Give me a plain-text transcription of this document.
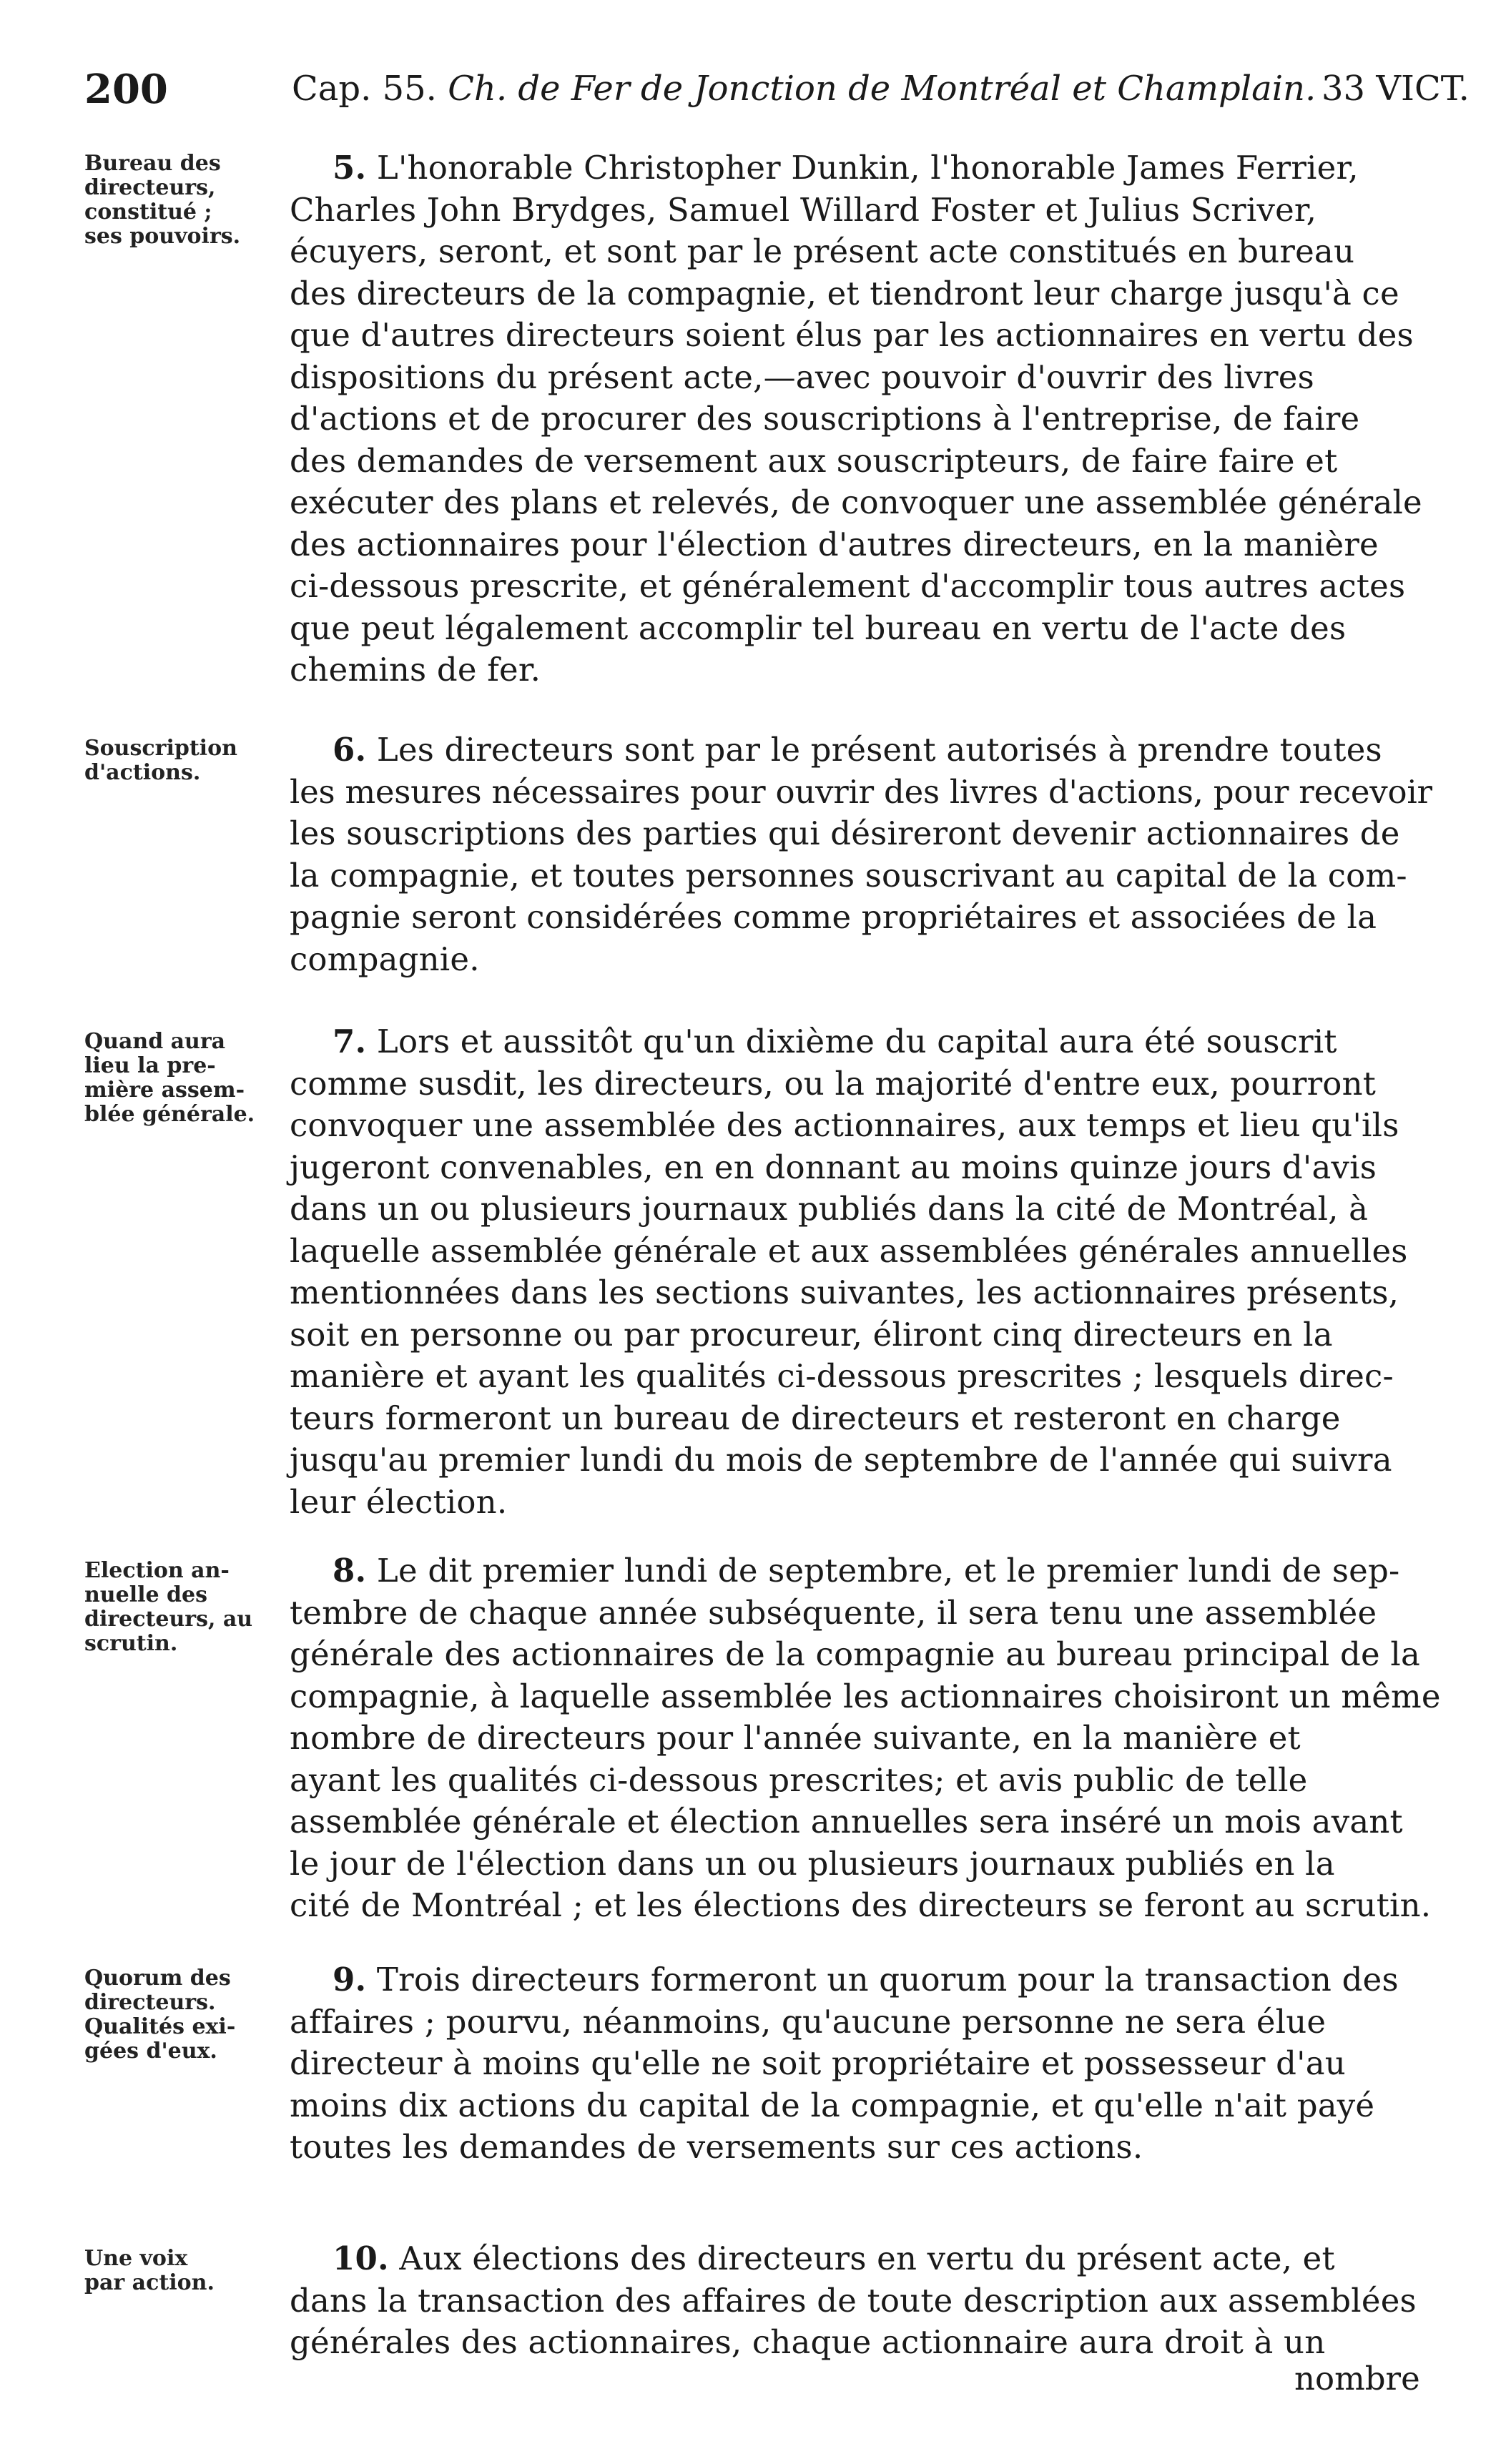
200	Cap. 55. Ch. de Fer de Jonction de Montréal et Champlain. 33 VICT.
Bureau des
directeurs,
constitué ;
ses pouvoirs.
5. L'honorable Christopher Dunkin, l'honorable James Ferrier,
Charles John Brydges, Samuel Willard Foster et Julius Scriver,
écuyers, seront, et sont par le présent acte constitués en bureau
des directeurs de la compagnie, et tiendront leur charge jusqu'à ce
que d'autres directeurs soient élus par les actionnaires en vertu des
dispositions du présent acte,—avec pouvoir d'ouvrir des livres
d'actions et de procurer des souscriptions à l'entreprise, de faire
des demandes de versement aux souscripteurs, de faire faire et
exécuter des plans et relevés, de convoquer une assemblée générale
des actionnaires pour l'élection d'autres directeurs, en la manière
ci-dessous prescrite, et généralement d'accomplir tous autres actes
que peut légalement accomplir tel bureau en vertu de l'acte des
chemins de fer.
Souscription
d'actions.
6. Les directeurs sont par le présent autorisés à prendre toutes
les mesures nécessaires pour ouvrir des livres d'actions, pour recevoir
les souscriptions des parties qui désireront devenir actionnaires de
la compagnie, et toutes personnes souscrivant au capital de la com-
pagnie seront considérées comme propriétaires et associées de la
compagnie.
Quand aura
lieu la pre-
mière assem-
blée générale.
7. Lors et aussitôt qu'un dixième du capital aura été souscrit
comme susdit, les directeurs, ou la majorité d'entre eux, pourront
convoquer une assemblée des actionnaires, aux temps et lieu qu'ils
jugeront convenables, en en donnant au moins quinze jours d'avis
dans un ou plusieurs journaux publiés dans la cité de Montréal, à
laquelle assemblée générale et aux assemblées générales annuelles
mentionnées dans les sections suivantes, les actionnaires présents,
soit en personne ou par procureur, éliront cinq directeurs en la
manière et ayant les qualités ci-dessous prescrites ; lesquels direc-
teurs formeront un bureau de directeurs et resteront en charge
jusqu'au premier lundi du mois de septembre de l'année qui suivra
leur élection.
Election an-
nuelle des
directeurs, au
scrutin.
8. Le dit premier lundi de septembre, et le premier lundi de sep-
tembre de chaque année subséquente, il sera tenu une assemblée
générale des actionnaires de la compagnie au bureau principal de la
compagnie, à laquelle assemblée les actionnaires choisiront un même
nombre de directeurs pour l'année suivante, en la manière et
ayant les qualités ci-dessous prescrites; et avis public de telle
assemblée générale et élection annuelles sera inséré un mois avant
le jour de l'élection dans un ou plusieurs journaux publiés en la
cité de Montréal ; et les élections des directeurs se feront au scrutin.
Quorum des
directeurs.
Qualités exi-
gées d'eux.
9. Trois directeurs formeront un quorum pour la transaction des
affaires ; pourvu, néanmoins, qu'aucune personne ne sera élue
directeur à moins qu'elle ne soit propriétaire et possesseur d'au
moins dix actions du capital de la compagnie, et qu'elle n'ait payé
toutes les demandes de versements sur ces actions.
Une voix
par action.
10. Aux élections des directeurs en vertu du présent acte, et
dans la transaction des affaires de toute description aux assemblées
générales des actionnaires, chaque actionnaire aura droit à un
nombre
